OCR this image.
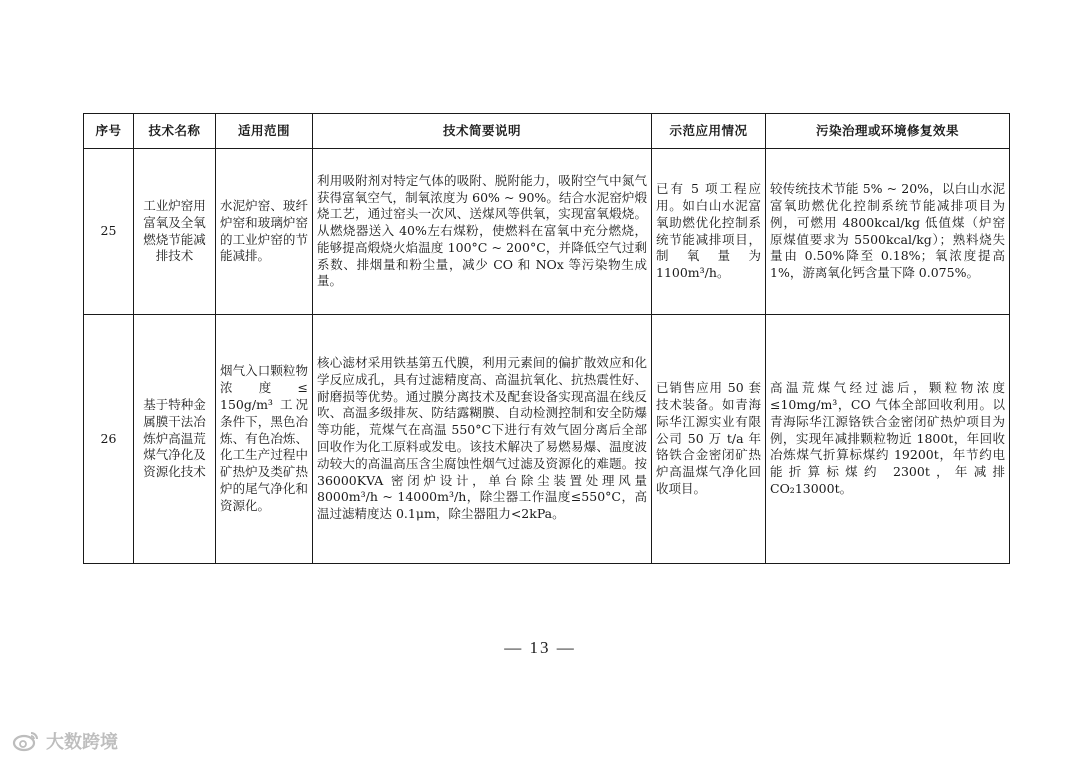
序号	技术名称	适用范围	技术简要说明	示范应用情况	污染治理或环境修复效果
25	工业炉窑用富氧及全氧燃烧节能减排技术	水泥炉窑、玻纤炉窑和玻璃炉窑的工业炉窑的节能减排。	利用吸附剂对特定气体的吸附、脱附能力，吸附空气中氮气获得富氧空气，制氧浓度为 60% ~ 90%。结合水泥窑炉煅烧工艺，通过窑头一次风、送煤风等供氧，实现富氧煅烧。从燃烧器送入 40%左右煤粉，使燃料在富氧中充分燃烧，能够提高煅烧火焰温度 100°C ~ 200°C，并降低空气过剩系数、排烟量和粉尘量，减少 CO 和 NOx 等污染物生成量。	已有 5 项工程应用。如白山水泥富氧助燃优化控制系统节能减排项目，制氧量为 1100m³/h。	较传统技术节能 5% ~ 20%，以白山水泥富氧助燃优化控制系统节能减排项目为例，可燃用 4800kcal/kg 低值煤（炉窑原煤值要求为 5500kcal/kg）；熟料烧失量由 0.50%降至 0.18%；氧浓度提高 1%，游离氧化钙含量下降 0.075%。
26	基于特种金属膜干法冶炼炉高温荒煤气净化及资源化技术	烟气入口颗粒物浓度≤ 150g/m³ 工况条件下，黑色冶炼、有色冶炼、化工生产过程中矿热炉及类矿热炉的尾气净化和资源化。	核心滤材采用铁基第五代膜，利用元素间的偏扩散效应和化学反应成孔，具有过滤精度高、高温抗氧化、抗热震性好、耐磨损等优势。通过膜分离技术及配套设备实现高温在线反吹、高温多级排灰、防结露糊膜、自动检测控制和安全防爆等功能，荒煤气在高温 550°C下进行有效气固分离后全部回收作为化工原料或发电。该技术解决了易燃易爆、温度波动较大的高温高压含尘腐蚀性烟气过滤及资源化的难题。按 36000KVA 密闭炉设计，单台除尘装置处理风量 8000m³/h ~ 14000m³/h，除尘器工作温度≤550°C，高温过滤精度达 0.1μm，除尘器阻力<2kPa。	已销售应用 50 套技术装备。如青海际华江源实业有限公司 50 万 t/a 年铬铁合金密闭矿热炉高温煤气净化回收项目。	高温荒煤气经过滤后，颗粒物浓度≤10mg/m³，CO 气体全部回收利用。以青海际华江源铬铁合金密闭矿热炉项目为例，实现年减排颗粒物近 1800t，年回收冶炼煤气折算标煤约 19200t，年节约电能折算标煤约 2300t，年减排 CO₂13000t。
— 13 —
大数跨境
